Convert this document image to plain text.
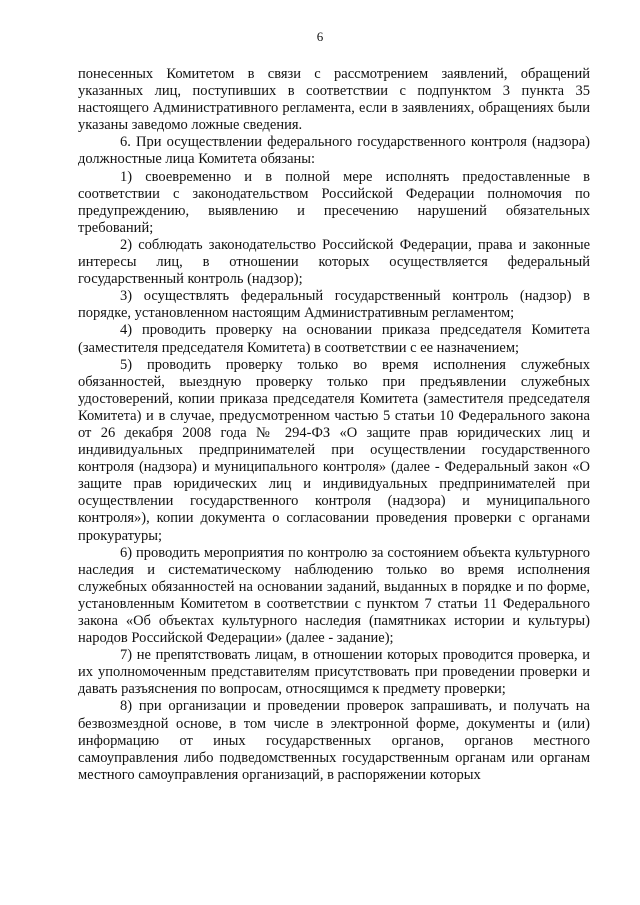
6

понесенных Комитетом в связи с рассмотрением заявлений, обращений указанных лиц, поступивших в соответствии с подпунктом 3 пункта 35 настоящего Административного регламента, если в заявлениях, обращениях были указаны заведомо ложные сведения.

6. При осуществлении федерального государственного контроля (надзора) должностные лица Комитета обязаны:

1) своевременно и в полной мере исполнять предоставленные в соответствии с законодательством Российской Федерации полномочия по предупреждению, выявлению и пресечению нарушений обязательных требований;

2) соблюдать законодательство Российской Федерации, права и законные интересы лиц, в отношении которых осуществляется федеральный государственный контроль (надзор);

3) осуществлять федеральный государственный контроль (надзор) в порядке, установленном настоящим Административным регламентом;

4) проводить проверку на основании приказа председателя Комитета (заместителя председателя Комитета) в соответствии с ее назначением;

5) проводить проверку только во время исполнения служебных обязанностей, выездную проверку только при предъявлении служебных удостоверений, копии приказа председателя Комитета (заместителя председателя Комитета) и в случае, предусмотренном частью 5 статьи 10 Федерального закона от 26 декабря 2008 года № 294-ФЗ «О защите прав юридических лиц и индивидуальных предпринимателей при осуществлении государственного контроля (надзора) и муниципального контроля» (далее - Федеральный закон «О защите прав юридических лиц и индивидуальных предпринимателей при осуществлении государственного контроля (надзора) и муниципального контроля»), копии документа о согласовании проведения проверки с органами прокуратуры;

6) проводить мероприятия по контролю за состоянием объекта культурного наследия и систематическому наблюдению только во время исполнения служебных обязанностей на основании заданий, выданных в порядке и по форме, установленным Комитетом в соответствии с пунктом 7 статьи 11 Федерального закона «Об объектах культурного наследия (памятниках истории и культуры) народов Российской Федерации» (далее - задание);

7) не препятствовать лицам, в отношении которых проводится проверка, и их уполномоченным представителям присутствовать при проведении проверки и давать разъяснения по вопросам, относящимся к предмету проверки;

8) при организации и проведении проверок запрашивать, и получать на безвозмездной основе, в том числе в электронной форме, документы и (или) информацию от иных государственных органов, органов местного самоуправления либо подведомственных государственным органам или органам местного самоуправления организаций, в распоряжении которых
